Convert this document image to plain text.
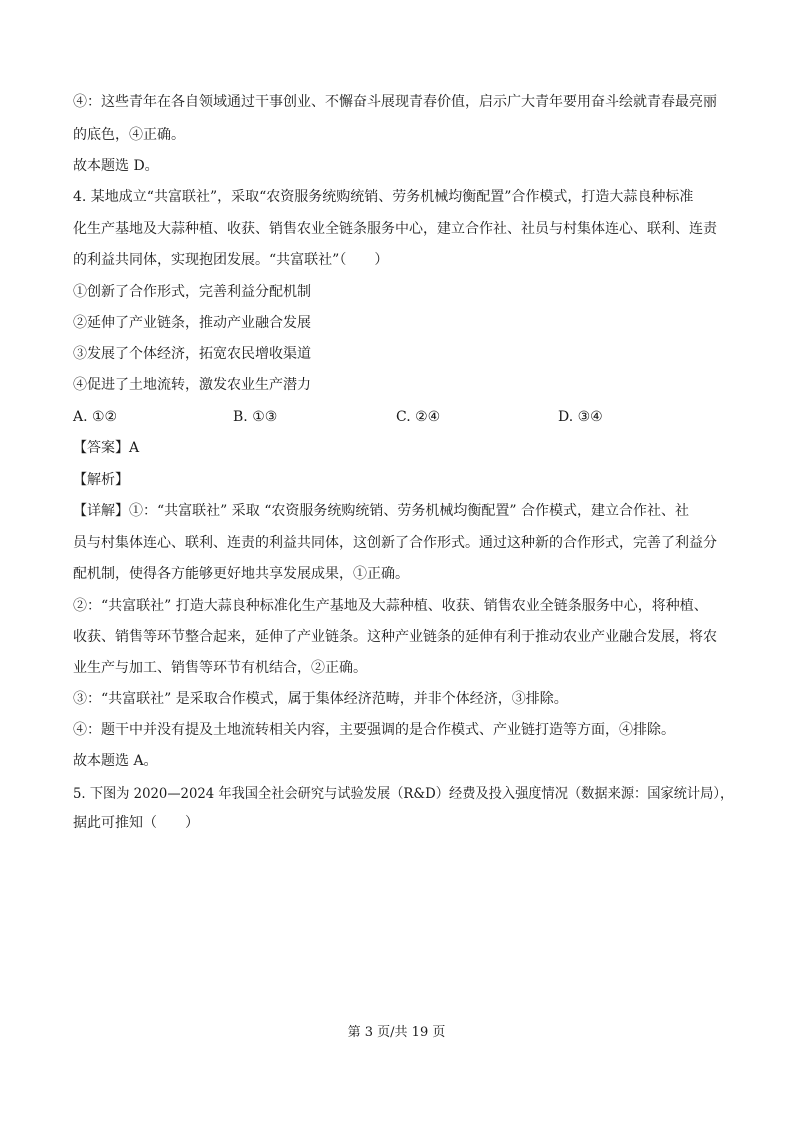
④：这些青年在各自领域通过干事创业、不懈奋斗展现青春价值，启示广大青年要用奋斗绘就青春最亮丽
的底色，④正确。
故本题选 D。
4. 某地成立“共富联社”，采取“农资服务统购统销、劳务机械均衡配置”合作模式，打造大蒜良种标准
化生产基地及大蒜种植、收获、销售农业全链条服务中心，建立合作社、社员与村集体连心、联利、连责
的利益共同体，实现抱团发展。“共富联社”（　　）
①创新了合作形式，完善利益分配机制
②延伸了产业链条，推动产业融合发展
③发展了个体经济，拓宽农民增收渠道
④促进了土地流转，激发农业生产潜力
A. ①②	B. ①③	C. ②④	D. ③④
【答案】A
【解析】
【详解】①：“共富联社” 采取 “农资服务统购统销、劳务机械均衡配置” 合作模式，建立合作社、社
员与村集体连心、联利、连责的利益共同体，这创新了合作形式。通过这种新的合作形式，完善了利益分
配机制，使得各方能够更好地共享发展成果，①正确。
②：“共富联社” 打造大蒜良种标准化生产基地及大蒜种植、收获、销售农业全链条服务中心，将种植、
收获、销售等环节整合起来，延伸了产业链条。这种产业链条的延伸有利于推动农业产业融合发展，将农
业生产与加工、销售等环节有机结合，②正确。
③：“共富联社” 是采取合作模式，属于集体经济范畴，并非个体经济，③排除。
④：题干中并没有提及土地流转相关内容，主要强调的是合作模式、产业链打造等方面，④排除。
故本题选 A。
5. 下图为 2020—2024 年我国全社会研究与试验发展（R&D）经费及投入强度情况（数据来源：国家统计局），
据此可推知（　　）
第 3 页/共 19 页
